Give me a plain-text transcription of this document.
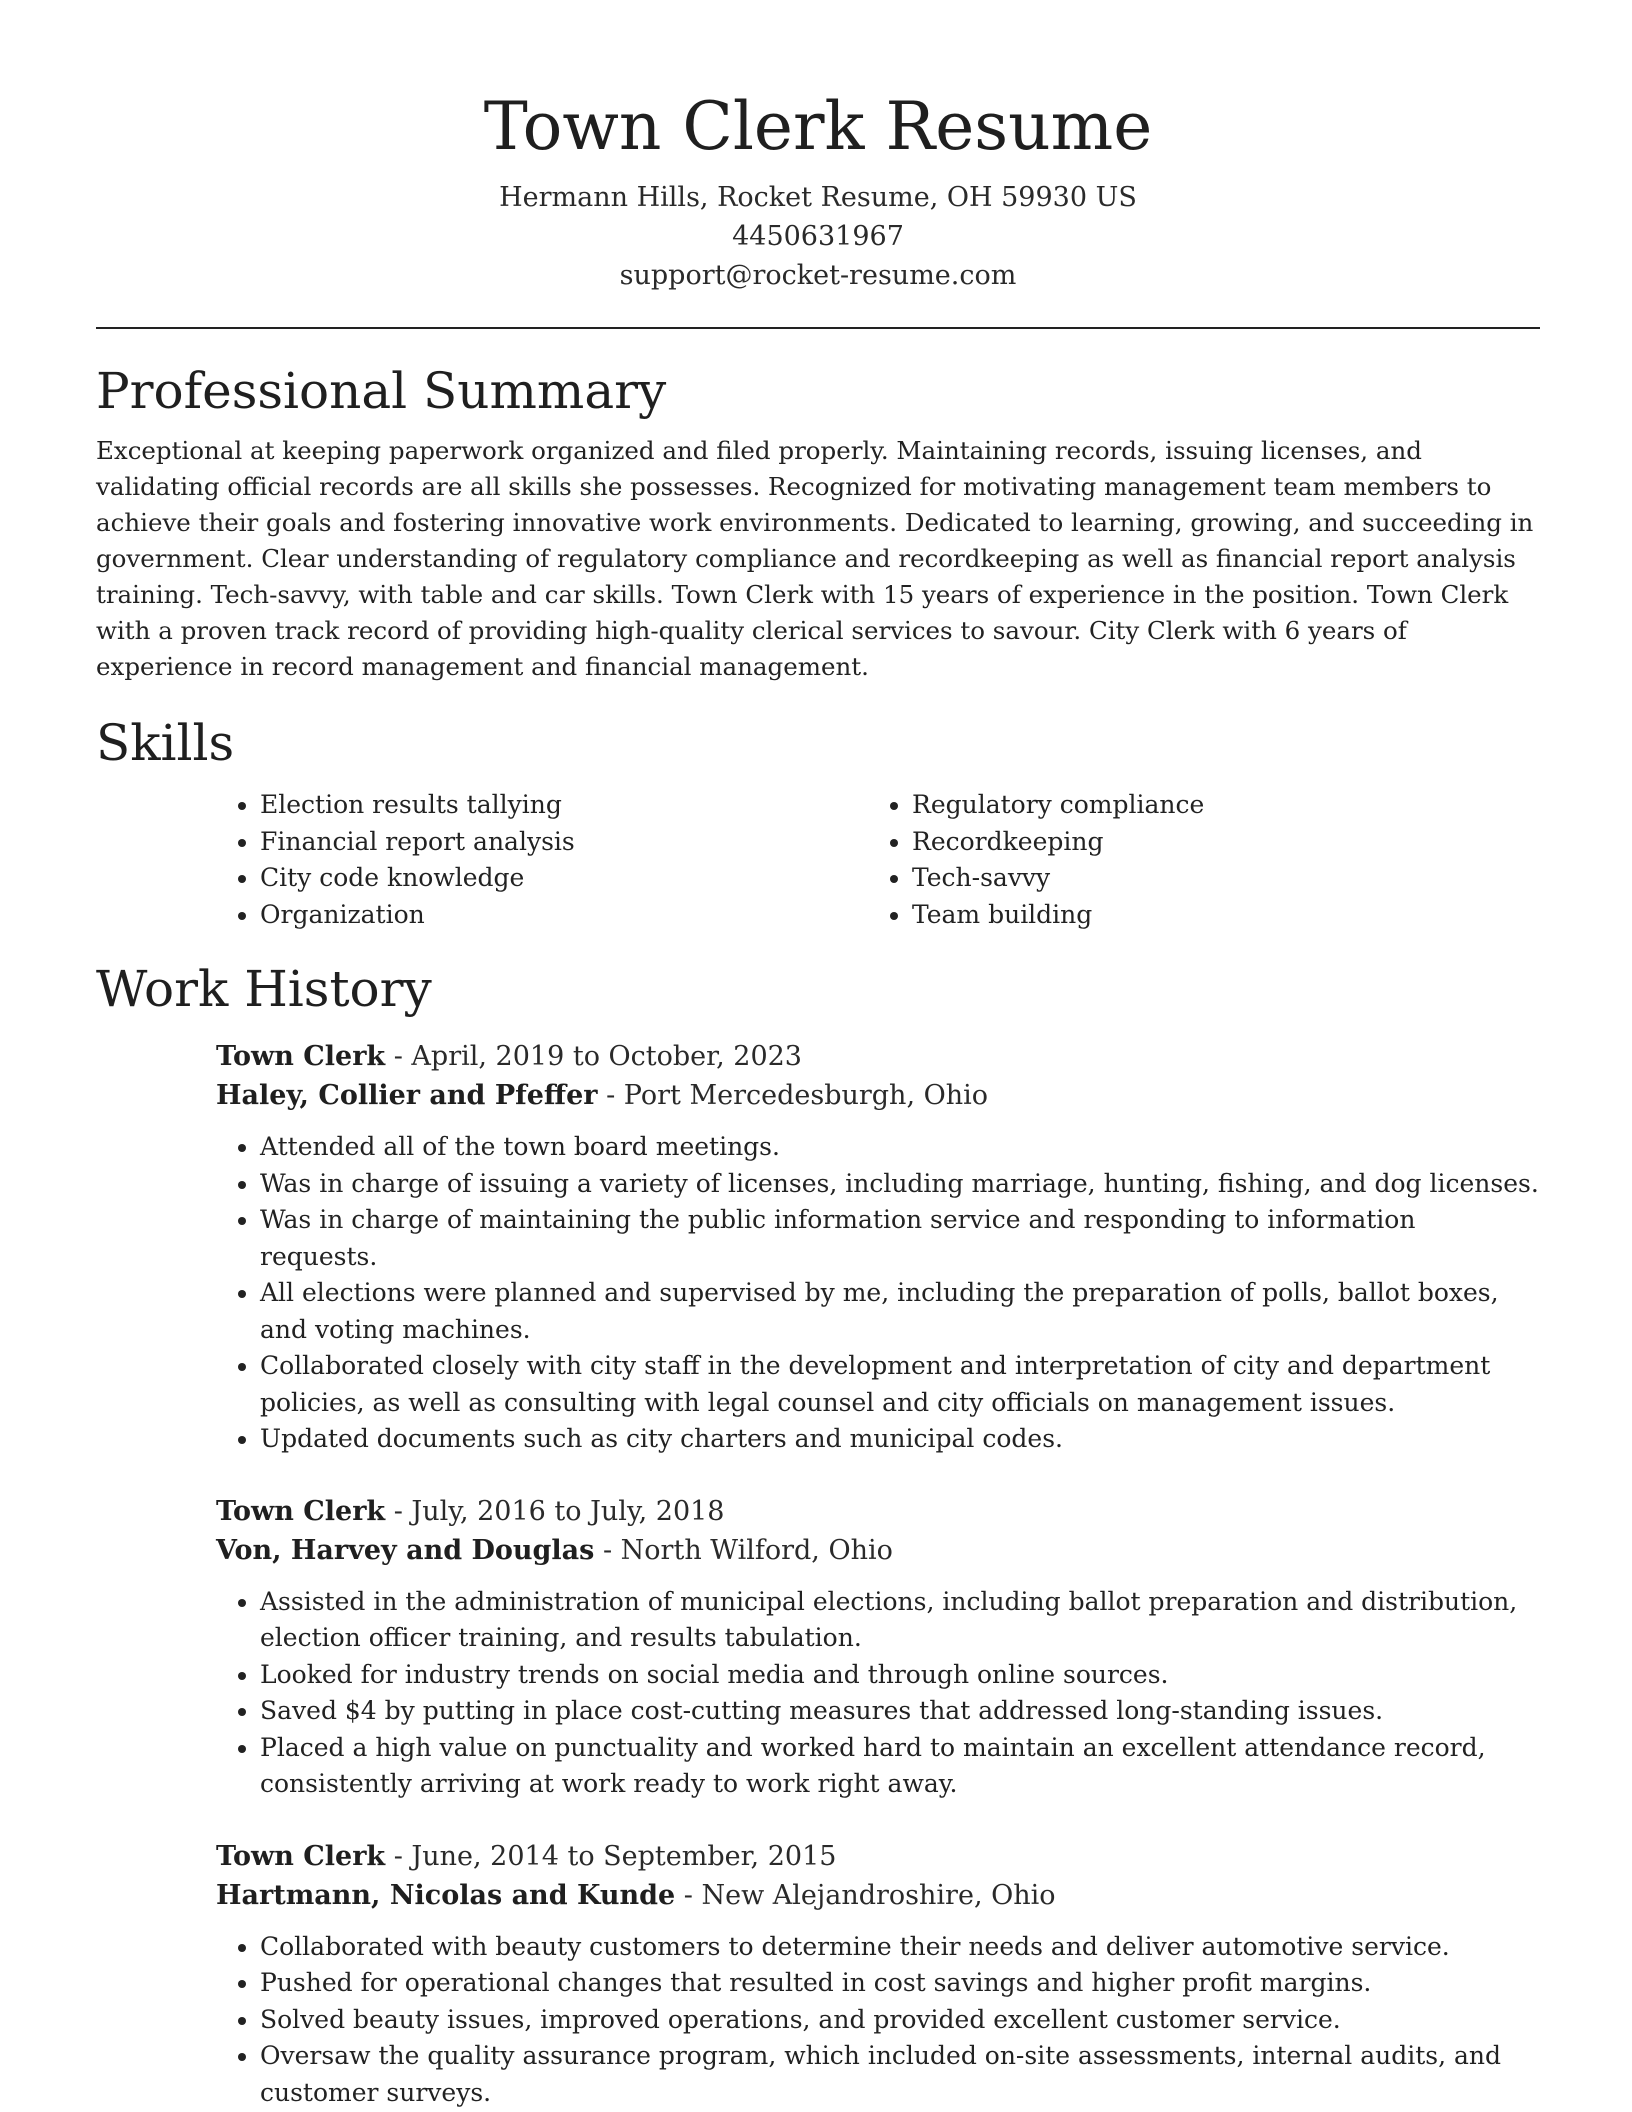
Town Clerk Resume
Hermann Hills, Rocket Resume, OH 59930 US
4450631967
support@rocket-resume.com
Professional Summary

Exceptional at keeping paperwork organized and filed properly. Maintaining records, issuing licenses, and validating official records are all skills she possesses. Recognized for motivating management team members to achieve their goals and fostering innovative work environments. Dedicated to learning, growing, and succeeding in government. Clear understanding of regulatory compliance and recordkeeping as well as financial report analysis training. Tech-savvy, with table and car skills. Town Clerk with 15 years of experience in the position. Town Clerk with a proven track record of providing high-quality clerical services to savour. City Clerk with 6 years of experience in record management and financial management.

Skills
• Election results tallying
• Financial report analysis
• City code knowledge
• Organization
• Regulatory compliance
• Recordkeeping
• Tech-savvy
• Team building
Work History
Town Clerk - April, 2019 to October, 2023
Haley, Collier and Pfeffer - Port Mercedesburgh, Ohio
• Attended all of the town board meetings.
• Was in charge of issuing a variety of licenses, including marriage, hunting, fishing, and dog licenses.
• Was in charge of maintaining the public information service and responding to information requests.
• All elections were planned and supervised by me, including the preparation of polls, ballot boxes, and voting machines.
• Collaborated closely with city staff in the development and interpretation of city and department policies, as well as consulting with legal counsel and city officials on management issues.
• Updated documents such as city charters and municipal codes.
Town Clerk - July, 2016 to July, 2018
Von, Harvey and Douglas - North Wilford, Ohio
• Assisted in the administration of municipal elections, including ballot preparation and distribution, election officer training, and results tabulation.
• Looked for industry trends on social media and through online sources.
• Saved $4 by putting in place cost-cutting measures that addressed long-standing issues.
• Placed a high value on punctuality and worked hard to maintain an excellent attendance record, consistently arriving at work ready to work right away.
Town Clerk - June, 2014 to September, 2015
Hartmann, Nicolas and Kunde - New Alejandroshire, Ohio
• Collaborated with beauty customers to determine their needs and deliver automotive service.
• Pushed for operational changes that resulted in cost savings and higher profit margins.
• Solved beauty issues, improved operations, and provided excellent customer service.
• Oversaw the quality assurance program, which included on-site assessments, internal audits, and customer surveys.
